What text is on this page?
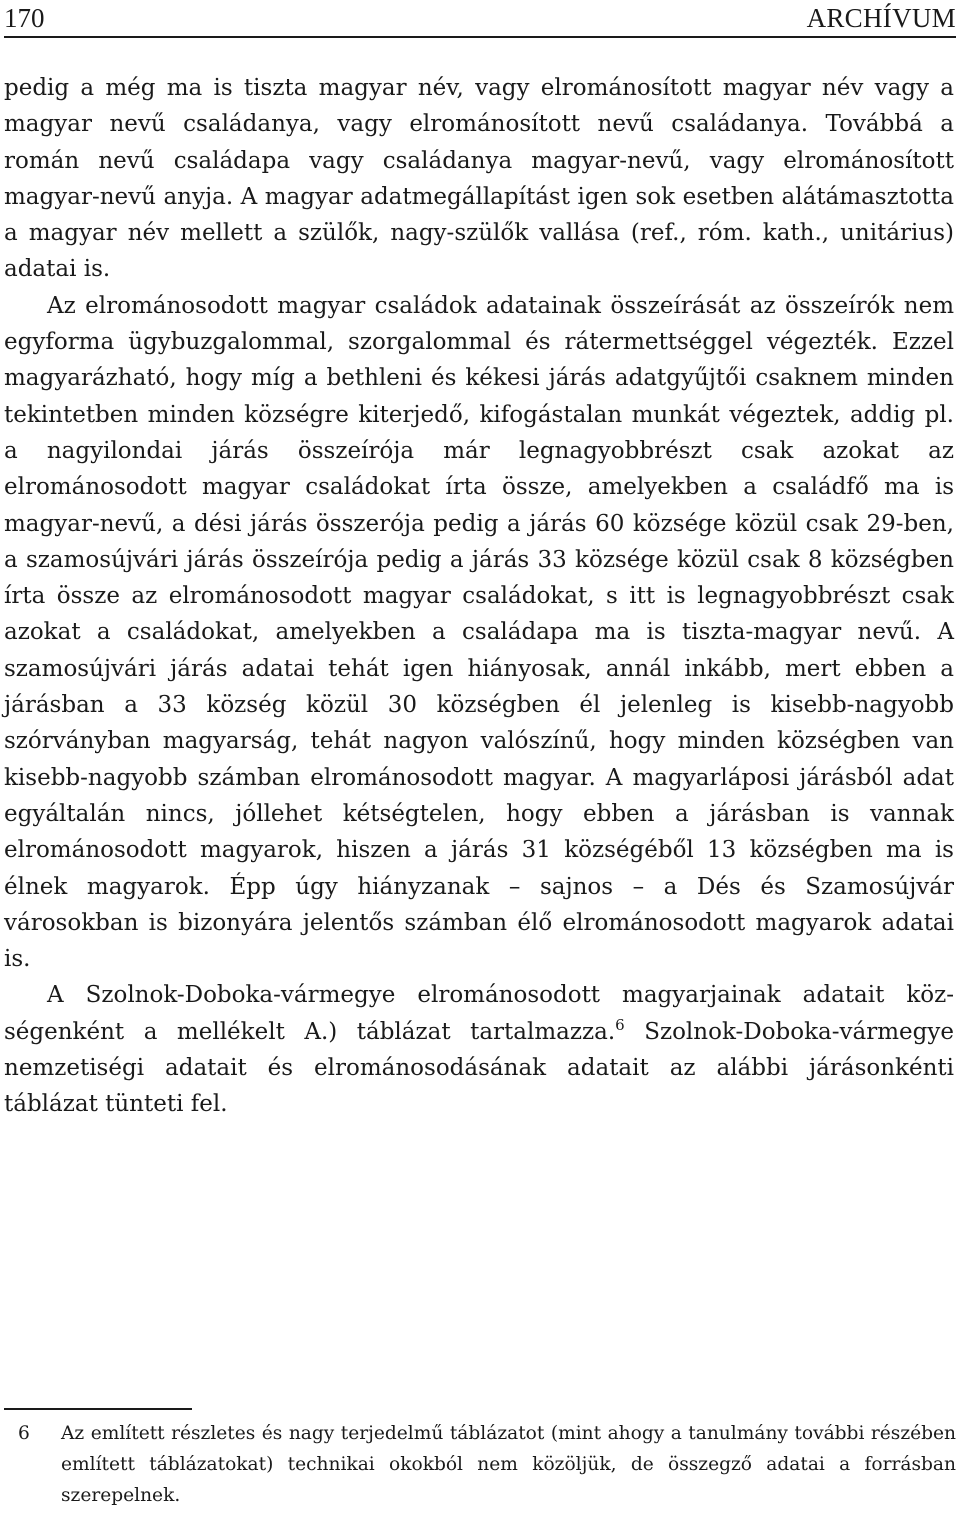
170	ARCHÍVUM

pedig a még ma is tiszta magyar név, vagy elrománosított magyar név vagy a magyar nevű családanya, vagy elrománosított nevű családanya. Továbbá a román nevű családapa vagy családanya magyar-nevű, vagy elrománosított magyar-nevű anyja. A magyar adatmegállapítást igen sok esetben alátámasztotta a magyar név mellett a szülők, nagy-szülők vallása (ref., róm. kath., unitárius) adatai is.

Az elrománosodott magyar családok adatainak összeírását az összeírók nem egyforma ügybuzgalommal, szorgalommal és rátermettséggel végezték. Ezzel magyarázható, hogy míg a bethleni és kékesi járás adatgyűjtői csaknem minden tekintetben minden községre kiterjedő, kifogástalan munkát végeztek, addig pl. a nagyilondai járás összeírója már legnagyobbrészt csak azokat az elrománosodott magyar családokat írta össze, amelyekben a családfő ma is magyar-nevű, a dési járás összerója pedig a járás 60 községe közül csak 29-ben, a szamosújvári járás összeírója pedig a járás 33 községe közül csak 8 községben írta össze az elrománosodott magyar családokat, s itt is legnagyobbrészt csak azokat a családokat, amelyekben a családapa ma is tiszta-magyar nevű. A szamosújvári járás adatai tehát igen hiányosak, annál inkább, mert ebben a járásban a 33 község közül 30 községben él jelenleg is kisebb-nagyobb szórványban magyarság, tehát nagyon valószínű, hogy minden községben van kisebb-nagyobb számban elrománosodott magyar. A magyarláposi járásból adat egyáltalán nincs, jóllehet kétségtelen, hogy ebben a járásban is vannak elrománosodott magyarok, hiszen a járás 31 községéből 13 községben ma is élnek magyarok. Épp úgy hiányzanak – sajnos – a Dés és Szamosújvár városokban is bizonyára jelentős számban élő elrománosodott magyarok adatai is.

A Szolnok-Doboka-vármegye elrománosodott magyarjainak adatait községenként a mellékelt A.) táblázat tartalmazza.$^6$ Szolnok-Doboka-vármegye nemzetiségi adatait és elrománosodásának adatait az alábbi járásonkénti táblázat tünteti fel.

6 Az említett részletes és nagy terjedelmű táblázatot (mint ahogy a tanulmány további részében említett táblázatokat) technikai okokból nem közöljük, de összegző adatai a forrásban szerepelnek.
